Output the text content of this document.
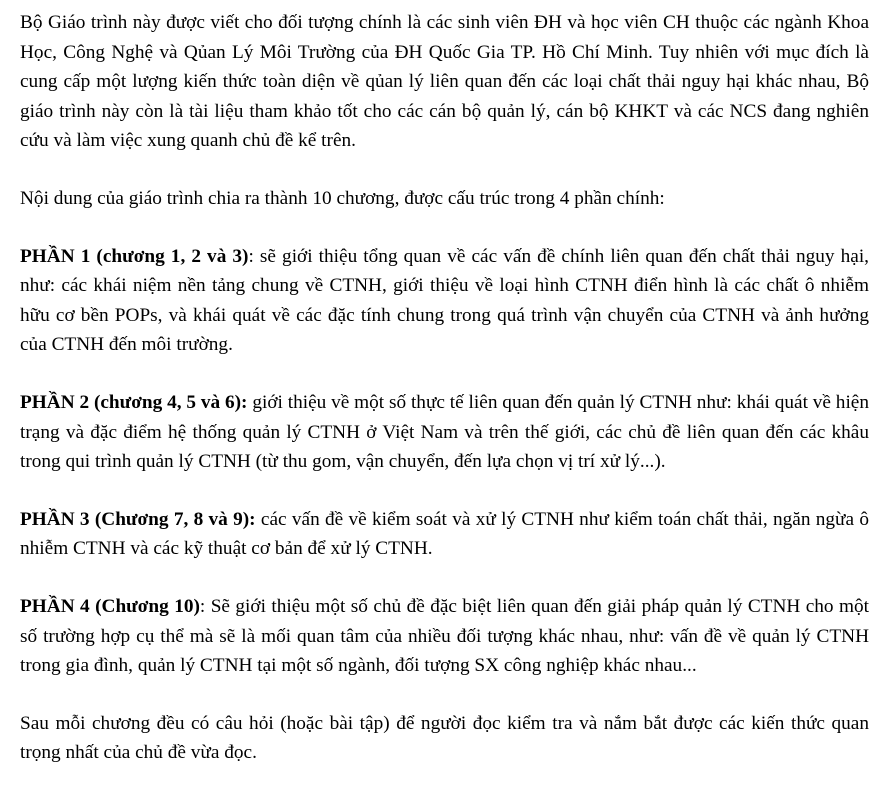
Bộ Giáo trình này được viết cho đối tượng chính là các sinh viên ĐH và học viên CH thuộc các ngành Khoa Học, Công Nghệ và Qủan Lý Môi Trường của ĐH Quốc Gia TP. Hồ Chí Minh. Tuy nhiên với mục đích là cung cấp một lượng kiến thức toàn diện về qủan lý liên quan đến các loại chất thải nguy hại khác nhau, Bộ giáo trình này còn là tài liệu tham khảo tốt cho các cán bộ quản lý, cán bộ KHKT và các NCS đang nghiên cứu và làm việc xung quanh chủ đề kể trên.

Nội dung của giáo trình chia ra thành 10 chương, được cấu trúc trong 4 phần chính:

PHẦN 1 (chương 1, 2 và 3): sẽ giới thiệu tổng quan về các vấn đề chính liên quan đến chất thải nguy hại, như: các khái niệm nền tảng chung về CTNH, giới thiệu về loại hình CTNH điển hình là các chất ô nhiễm hữu cơ bền POPs, và khái quát về các đặc tính chung trong quá trình vận chuyển của CTNH và ảnh hưởng của CTNH đến môi trường.

PHẦN 2 (chương 4, 5 và 6): giới thiệu về một số thực tế liên quan đến quản lý CTNH như: khái quát về hiện trạng và đặc điểm hệ thống quản lý CTNH ở Việt Nam và trên thế giới, các chủ đề liên quan đến các khâu trong qui trình quản lý CTNH (từ thu gom, vận chuyển, đến lựa chọn vị trí xử lý...).

PHẦN 3 (Chương 7, 8 và 9): các vấn đề về kiểm soát và xử lý CTNH như kiểm toán chất thải, ngăn ngừa ô nhiễm CTNH và các kỹ thuật cơ bản để xử lý CTNH.

PHẦN 4 (Chương 10): Sẽ giới thiệu một số chủ đề đặc biệt liên quan đến giải pháp quản lý CTNH cho một số trường hợp cụ thể mà sẽ là mối quan tâm của nhiều đối tượng khác nhau, như: vấn đề về quản lý CTNH trong gia đình, quản lý CTNH tại một số ngành, đối tượng SX công nghiệp khác nhau...

Sau mỗi chương đều có câu hỏi (hoặc bài tập) để người đọc kiểm tra và nắm bắt được các kiến thức quan trọng nhất của chủ đề vừa đọc.
